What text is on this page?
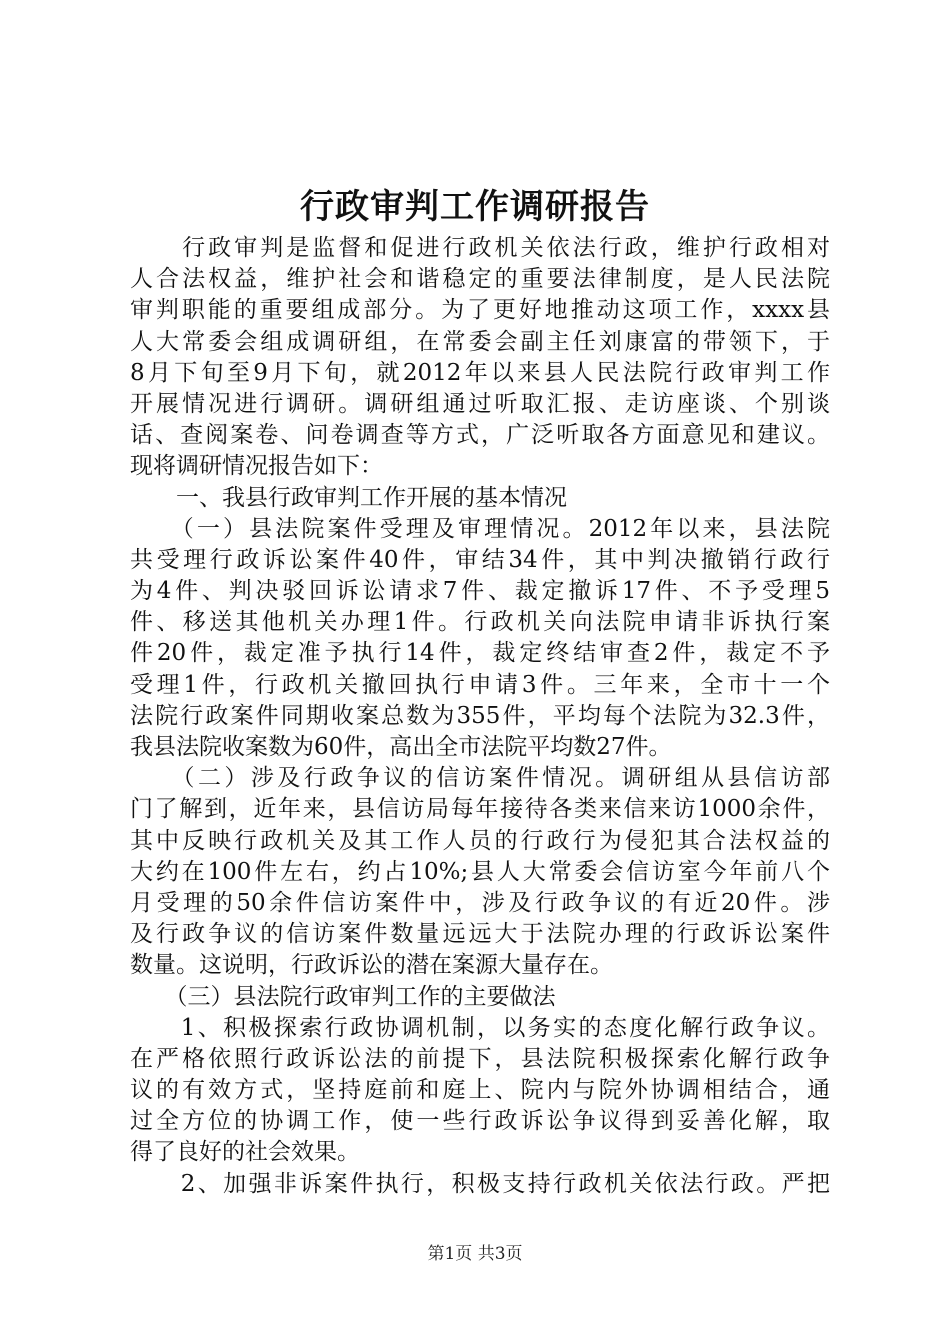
行政审判工作调研报告
　　行政审判是监督和促进行政机关依法行政，维护行政相对
人合法权益，维护社会和谐稳定的重要法律制度，是人民法院
审判职能的重要组成部分。为了更好地推动这项工作，xxxx县
人大常委会组成调研组，在常委会副主任刘康富的带领下，于
8月下旬至9月下旬，就2012年以来县人民法院行政审判工作
开展情况进行调研。调研组通过听取汇报、走访座谈、个别谈
话、查阅案卷、问卷调查等方式，广泛听取各方面意见和建议。
现将调研情况报告如下：
　　一、我县行政审判工作开展的基本情况
　　（一）县法院案件受理及审理情况。2012年以来，县法院
共受理行政诉讼案件40件，审结34件，其中判决撤销行政行
为4件、判决驳回诉讼请求7件、裁定撤诉17件、不予受理5
件、移送其他机关办理1件。行政机关向法院申请非诉执行案
件20件，裁定准予执行14件，裁定终结审查2件，裁定不予
受理1件，行政机关撤回执行申请3件。三年来，全市十一个
法院行政案件同期收案总数为355件，平均每个法院为32.3件，
我县法院收案数为60件，高出全市法院平均数27件。
　　（二）涉及行政争议的信访案件情况。调研组从县信访部
门了解到，近年来，县信访局每年接待各类来信来访1000余件，
其中反映行政机关及其工作人员的行政行为侵犯其合法权益的
大约在100件左右，约占10%;县人大常委会信访室今年前八个
月受理的50余件信访案件中，涉及行政争议的有近20件。涉
及行政争议的信访案件数量远远大于法院办理的行政诉讼案件
数量。这说明，行政诉讼的潜在案源大量存在。
　　（三）县法院行政审判工作的主要做法
　　1、积极探索行政协调机制，以务实的态度化解行政争议。
在严格依照行政诉讼法的前提下，县法院积极探索化解行政争
议的有效方式，坚持庭前和庭上、院内与院外协调相结合，通
过全方位的协调工作，使一些行政诉讼争议得到妥善化解，取
得了良好的社会效果。
　　2、加强非诉案件执行，积极支持行政机关依法行政。严把
第1页 共3页
